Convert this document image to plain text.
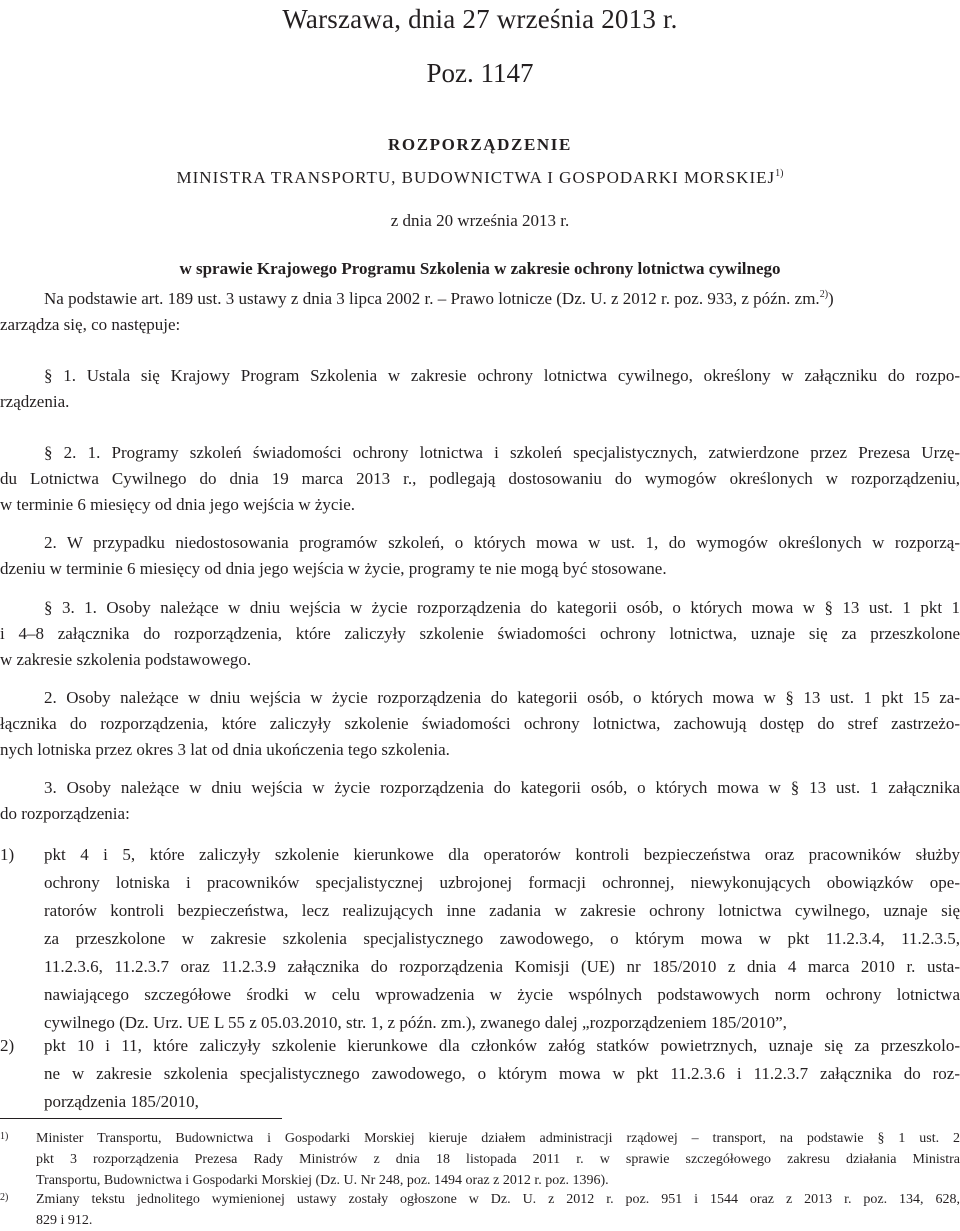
Warszawa, dnia 27 września 2013 r.
Poz. 1147
ROZPORZĄDZENIE
MINISTRA TRANSPORTU, BUDOWNICTWA I GOSPODARKI MORSKIEJ$^{1)}$
z dnia 20 września 2013 r.
w sprawie Krajowego Programu Szkolenia w zakresie ochrony lotnictwa cywilnego
Na podstawie art. 189 ust. 3 ustawy z dnia 3 lipca 2002 r. – Prawo lotnicze (Dz. U. z 2012 r. poz. 933, z późn. zm.$^{2)}$)
zarządza się, co następuje:
§ 1. Ustala się Krajowy Program Szkolenia w zakresie ochrony lotnictwa cywilnego, określony w załączniku do rozpo-
rządzenia.
§ 2. 1. Programy szkoleń świadomości ochrony lotnictwa i szkoleń specjalistycznych, zatwierdzone przez Prezesa Urzę-
du Lotnictwa Cywilnego do dnia 19 marca 2013 r., podlegają dostosowaniu do wymogów określonych w rozporządzeniu,
w terminie 6 miesięcy od dnia jego wejścia w życie.
2. W przypadku niedostosowania programów szkoleń, o których mowa w ust. 1, do wymogów określonych w rozporzą-
dzeniu w terminie 6 miesięcy od dnia jego wejścia w życie, programy te nie mogą być stosowane.
§ 3. 1. Osoby należące w dniu wejścia w życie rozporządzenia do kategorii osób, o których mowa w § 13 ust. 1 pkt 1
i 4–8 załącznika do rozporządzenia, które zaliczyły szkolenie świadomości ochrony lotnictwa, uznaje się za przeszkolone
w zakresie szkolenia podstawowego.
2. Osoby należące w dniu wejścia w życie rozporządzenia do kategorii osób, o których mowa w § 13 ust. 1 pkt 15 za-
łącznika do rozporządzenia, które zaliczyły szkolenie świadomości ochrony lotnictwa, zachowują dostęp do stref zastrzeżo-
nych lotniska przez okres 3 lat od dnia ukończenia tego szkolenia.
3. Osoby należące w dniu wejścia w życie rozporządzenia do kategorii osób, o których mowa w § 13 ust. 1 załącznika
do rozporządzenia:
1) pkt 4 i 5, które zaliczyły szkolenie kierunkowe dla operatorów kontroli bezpieczeństwa oraz pracowników służby
ochrony lotniska i pracowników specjalistycznej uzbrojonej formacji ochronnej, niewykonujących obowiązków ope-
ratorów kontroli bezpieczeństwa, lecz realizujących inne zadania w zakresie ochrony lotnictwa cywilnego, uznaje się
za przeszkolone w zakresie szkolenia specjalistycznego zawodowego, o którym mowa w pkt 11.2.3.4, 11.2.3.5,
11.2.3.6, 11.2.3.7 oraz 11.2.3.9 załącznika do rozporządzenia Komisji (UE) nr 185/2010 z dnia 4 marca 2010 r. usta-
nawiającego szczegółowe środki w celu wprowadzenia w życie wspólnych podstawowych norm ochrony lotnictwa
cywilnego (Dz. Urz. UE L 55 z 05.03.2010, str. 1, z późn. zm.), zwanego dalej „rozporządzeniem 185/2010”,
2) pkt 10 i 11, które zaliczyły szkolenie kierunkowe dla członków załóg statków powietrznych, uznaje się za przeszkolo-
ne w zakresie szkolenia specjalistycznego zawodowego, o którym mowa w pkt 11.2.3.6 i 11.2.3.7 załącznika do roz-
porządzenia 185/2010,
1) Minister Transportu, Budownictwa i Gospodarki Morskiej kieruje działem administracji rządowej – transport, na podstawie § 1 ust. 2
pkt 3 rozporządzenia Prezesa Rady Ministrów z dnia 18 listopada 2011 r. w sprawie szczegółowego zakresu działania Ministra
Transportu, Budownictwa i Gospodarki Morskiej (Dz. U. Nr 248, poz. 1494 oraz z 2012 r. poz. 1396).
2) Zmiany tekstu jednolitego wymienionej ustawy zostały ogłoszone w Dz. U. z 2012 r. poz. 951 i 1544 oraz z 2013 r. poz. 134, 628,
829 i 912.
